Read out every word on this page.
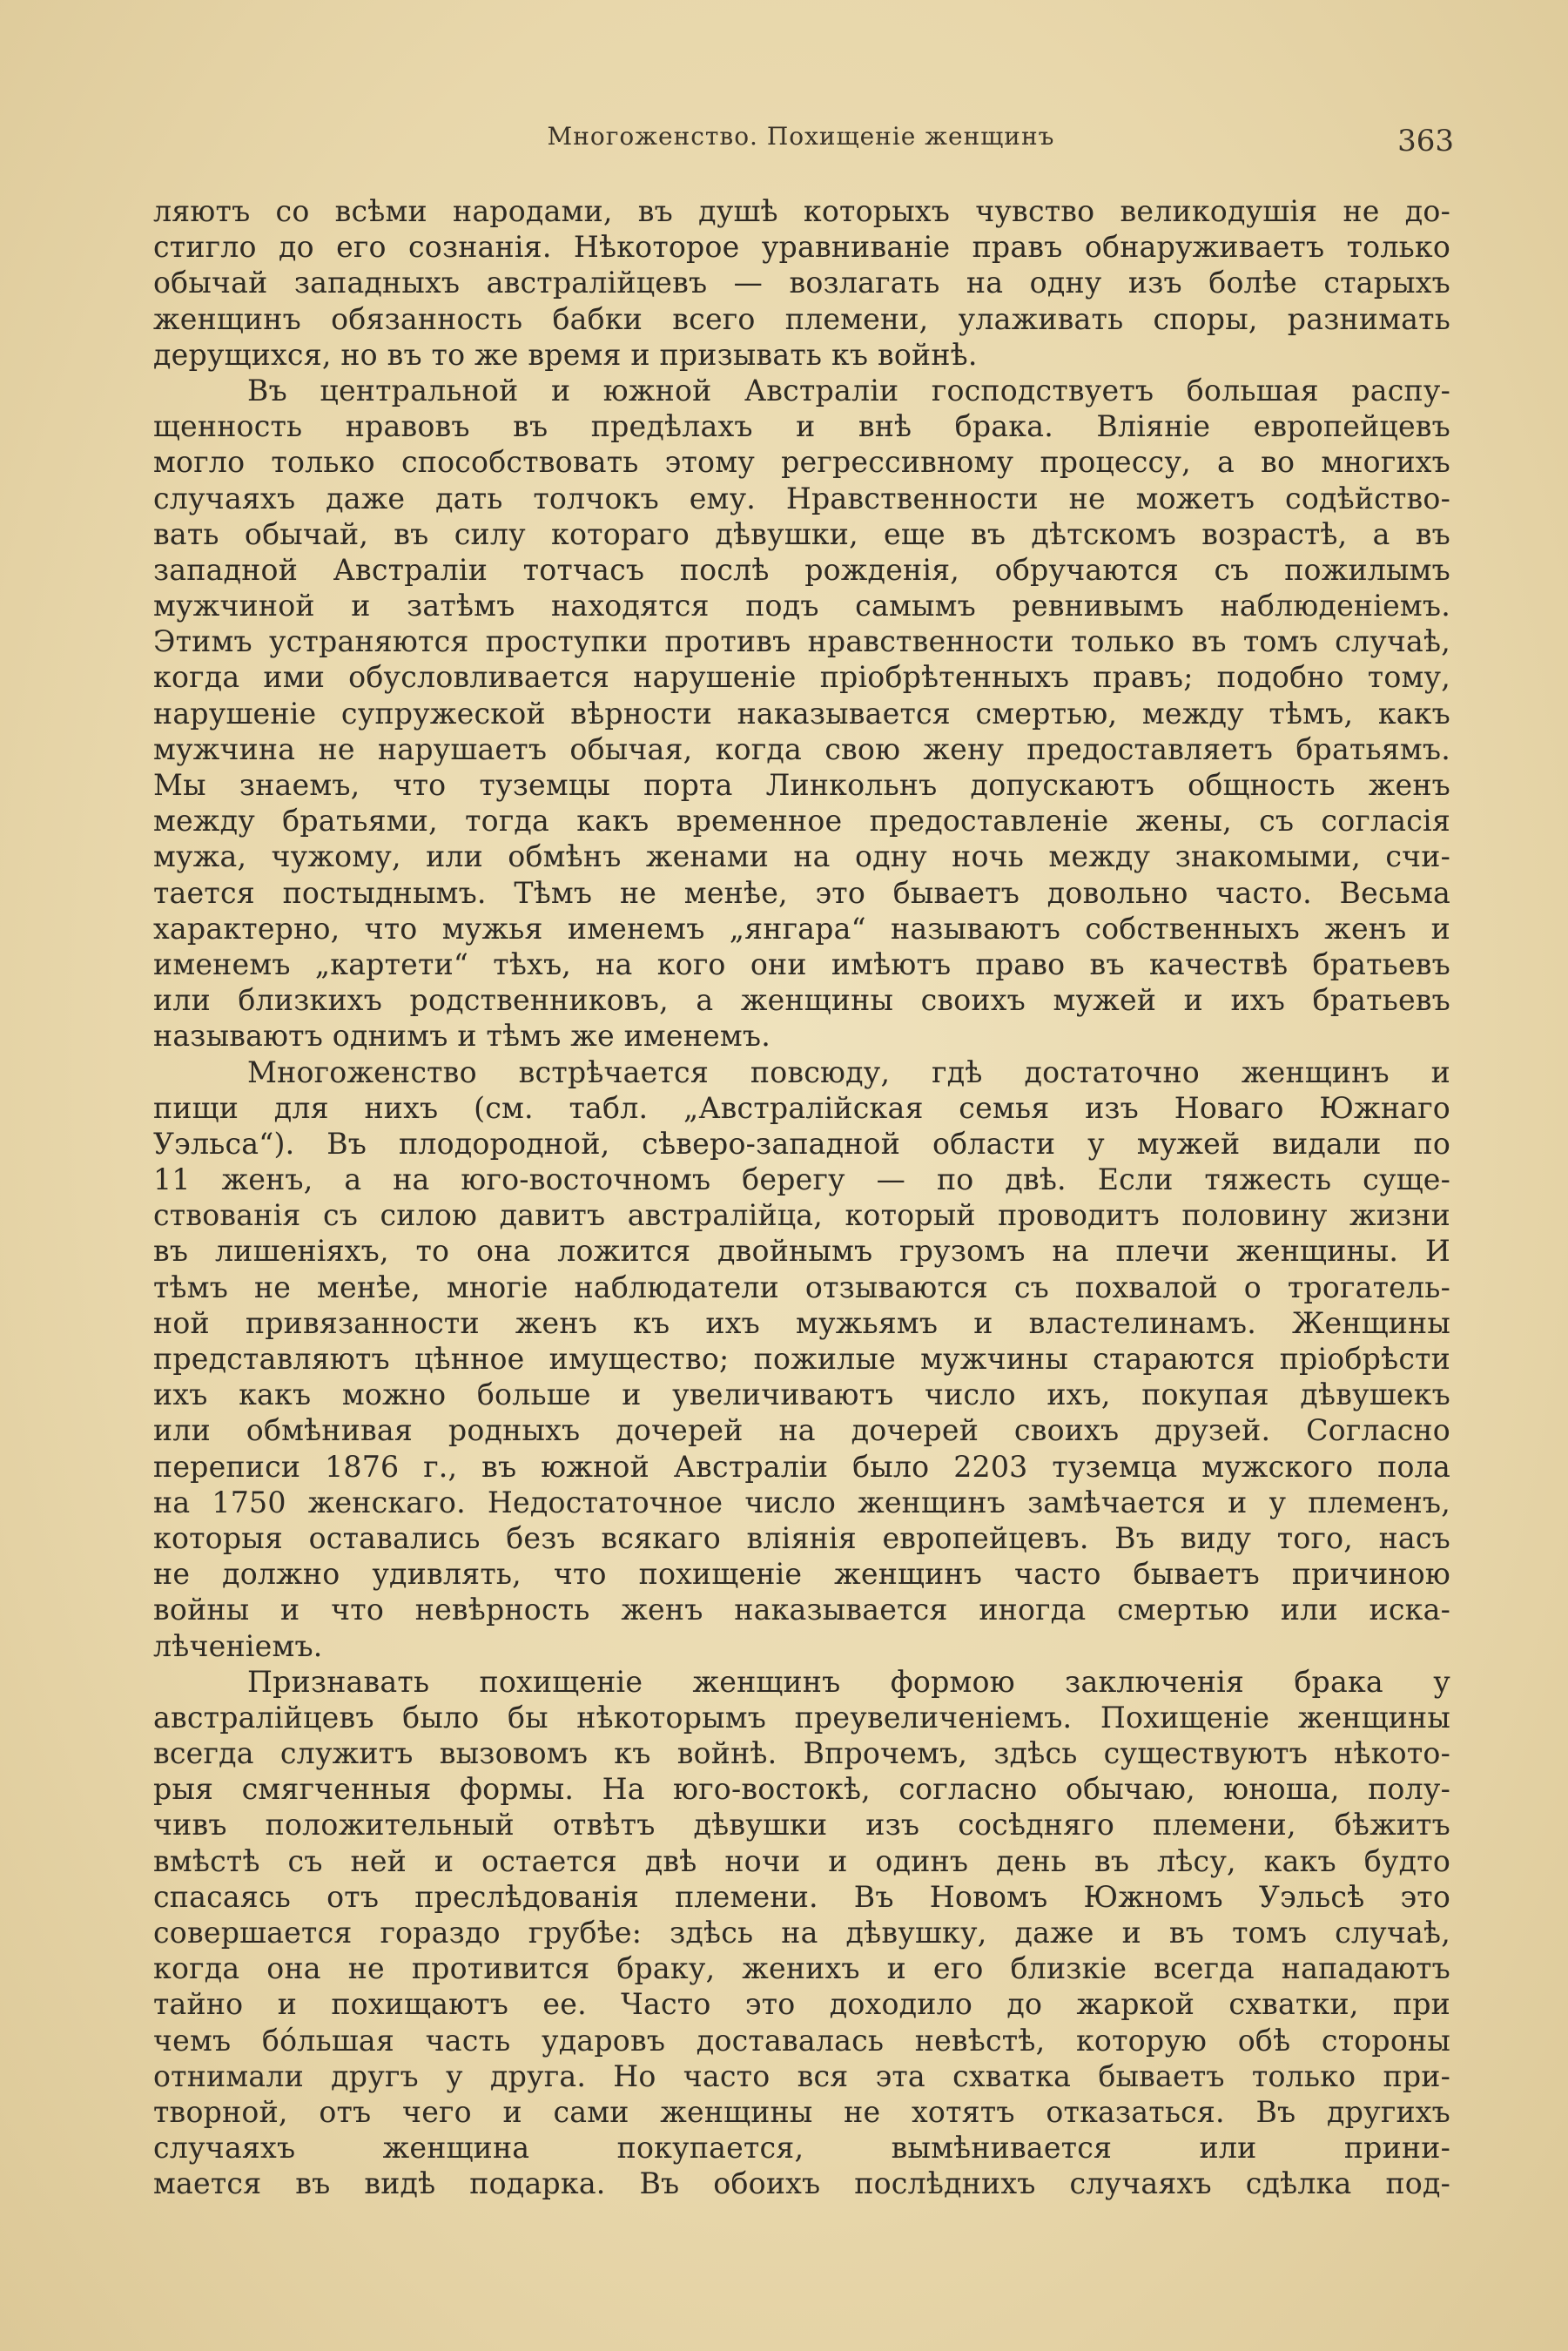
Многоженство. Похищеніе женщинъ	363
ляютъ со всѣми народами, въ душѣ которыхъ чувство великодушія не до-
стигло до его сознанія. Нѣкоторое уравниваніе правъ обнаруживаетъ только
обычай западныхъ австралійцевъ — возлагать на одну изъ болѣе старыхъ
женщинъ обязанность бабки всего племени, улаживать споры, разнимать
дерущихся, но въ то же время и призывать къ войнѣ.
Въ центральной и южной Австраліи господствуетъ большая распу-
щенность нравовъ въ предѣлахъ и внѣ брака. Вліяніе европейцевъ
могло только способствовать этому регрессивному процессу, а во многихъ
случаяхъ даже дать толчокъ ему. Нравственности не можетъ содѣйство-
вать обычай, въ силу котораго дѣвушки, еще въ дѣтскомъ возрастѣ, а въ
западной Австраліи тотчасъ послѣ рожденія, обручаются съ пожилымъ
мужчиной и затѣмъ находятся подъ самымъ ревнивымъ наблюденіемъ.
Этимъ устраняются проступки противъ нравственности только въ томъ случаѣ,
когда ими обусловливается нарушеніе пріобрѣтенныхъ правъ; подобно тому,
нарушеніе супружеской вѣрности наказывается смертью, между тѣмъ, какъ
мужчина не нарушаетъ обычая, когда свою жену предоставляетъ братьямъ.
Мы знаемъ, что туземцы порта Линкольнъ допускаютъ общность женъ
между братьями, тогда какъ временное предоставленіе жены, съ согласія
мужа, чужому, или обмѣнъ женами на одну ночь между знакомыми, счи-
тается постыднымъ. Тѣмъ не менѣе, это бываетъ довольно часто. Весьма
характерно, что мужья именемъ „янгара“ называютъ собственныхъ женъ и
именемъ „картети“ тѣхъ, на кого они имѣютъ право въ качествѣ братьевъ
или близкихъ родственниковъ, а женщины своихъ мужей и ихъ братьевъ
называютъ однимъ и тѣмъ же именемъ.
Многоженство встрѣчается повсюду, гдѣ достаточно женщинъ и
пищи для нихъ (см. табл. „Австралійская семья изъ Новаго Южнаго
Уэльса“). Въ плодородной, сѣверо-западной области у мужей видали по
11 женъ, а на юго-восточномъ берегу — по двѣ. Если тяжесть суще-
ствованія съ силою давитъ австралійца, который проводитъ половину жизни
въ лишеніяхъ, то она ложится двойнымъ грузомъ на плечи женщины. И
тѣмъ не менѣе, многіе наблюдатели отзываются съ похвалой о трогатель-
ной привязанности женъ къ ихъ мужьямъ и властелинамъ. Женщины
представляютъ цѣнное имущество; пожилые мужчины стараются пріобрѣсти
ихъ какъ можно больше и увеличиваютъ число ихъ, покупая дѣвушекъ
или обмѣнивая родныхъ дочерей на дочерей своихъ друзей. Согласно
переписи 1876 г., въ южной Австраліи было 2203 туземца мужского пола
на 1750 женскаго. Недостаточное число женщинъ замѣчается и у племенъ,
которыя оставались безъ всякаго вліянія европейцевъ. Въ виду того, насъ
не должно удивлять, что похищеніе женщинъ часто бываетъ причиною
войны и что невѣрность женъ наказывается иногда смертью или иска-
лѣченіемъ.
Признавать похищеніе женщинъ формою заключенія брака у
австралійцевъ было бы нѣкоторымъ преувеличеніемъ. Похищеніе женщины
всегда служитъ вызовомъ къ войнѣ. Впрочемъ, здѣсь существуютъ нѣкото-
рыя смягченныя формы. На юго-востокѣ, согласно обычаю, юноша, полу-
чивъ положительный отвѣтъ дѣвушки изъ сосѣдняго племени, бѣжитъ
вмѣстѣ съ ней и остается двѣ ночи и одинъ день въ лѣсу, какъ будто
спасаясь отъ преслѣдованія племени. Въ Новомъ Южномъ Уэльсѣ это
совершается гораздо грубѣе: здѣсь на дѣвушку, даже и въ томъ случаѣ,
когда она не противится браку, женихъ и его близкіе всегда нападаютъ
тайно и похищаютъ ее. Часто это доходило до жаркой схватки, при
чемъ бо́льшая часть ударовъ доставалась невѣстѣ, которую обѣ стороны
отнимали другъ у друга. Но часто вся эта схватка бываетъ только при-
творной, отъ чего и сами женщины не хотятъ отказаться. Въ другихъ
случаяхъ женщина покупается, вымѣнивается или прини-
мается въ видѣ подарка. Въ обоихъ послѣднихъ случаяхъ сдѣлка под-
